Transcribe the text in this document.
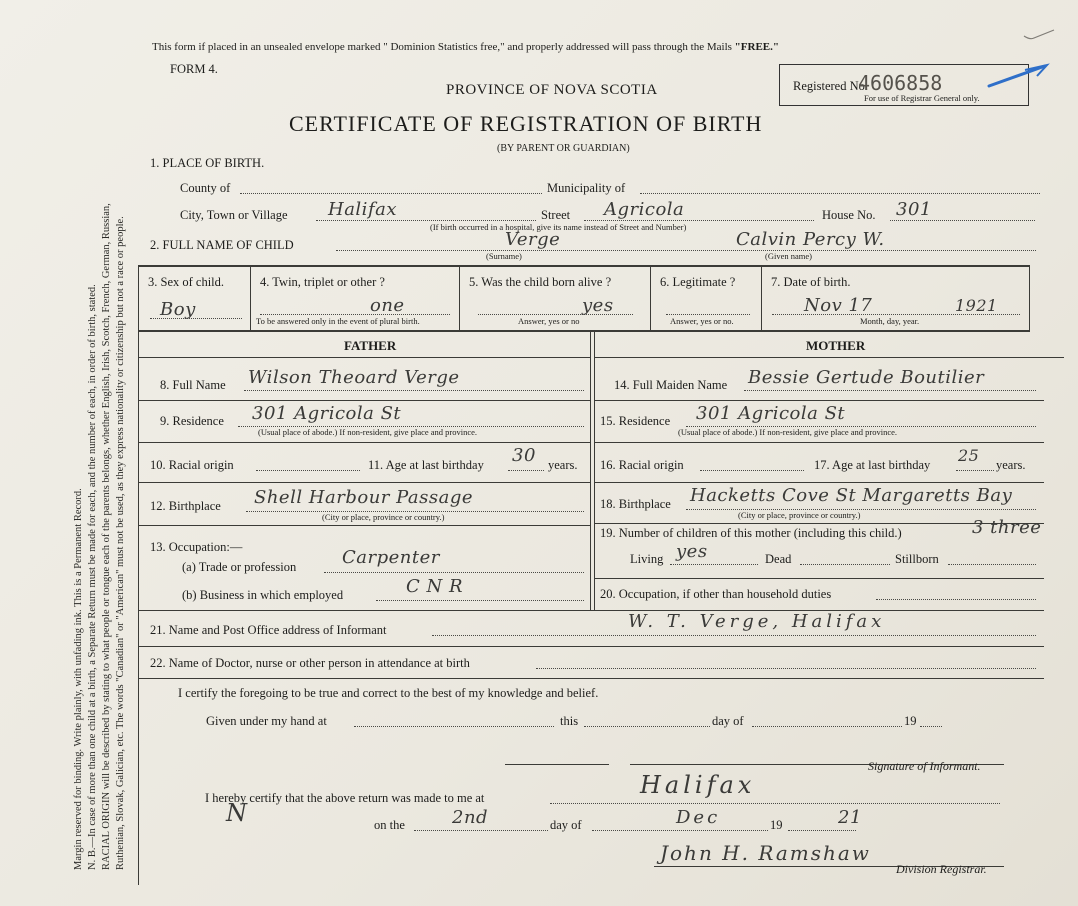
Margin reserved for binding. Write plainly, with unfading ink. This is a Permanent Record. N. B.—In case of more than one child at a birth, a Separate Return must be made for each, and the number of each, in order of birth, stated. RACIAL ORIGIN will be described by stating to what people or tongue each of the parents belongs, whether English, Irish, Scotch, French, German, Russian, Ruthenian, Slovak, Galician, etc. The words "Canadian" or "American" must not be used, as they express nationality or citizenship but not a race or people.
This form if placed in an unsealed envelope marked " Dominion Statistics free," and properly addressed will pass through the Mails "FREE."
FORM 4.
PROVINCE OF NOVA SCOTIA
CERTIFICATE OF REGISTRATION OF BIRTH
(BY PARENT OR GUARDIAN)
Registered No.
4606858
For use of Registrar General only.
1. PLACE OF BIRTH.
County of	Municipality of
City, Town or Village Halifax	Street Agricola
(If birth occurred in a hospital, give its name instead of Street and Number)
House No. 301
2. FULL NAME OF CHILD	Verge
(Surname)
Calvin Percy W.
(Given name)
3. Sex of child.
Boy
4. Twin, triplet or other ?
one
To be answered only in the event of plural birth.
5. Was the child born alive ?
yes
Answer, yes or no
6. Legitimate ?
Answer, yes or no.
7. Date of birth.
Nov 17	1921
Month, day, year.
FATHER	MOTHER
8. Full Name Wilson Theoard Verge
9. Residence 301 Agricola St
(Usual place of abode.) If non-resident, give place and province.
10. Racial origin	11. Age at last birthday 30 years.
12. Birthplace Shell Harbour Passage
(City or place, province or country.)
13. Occupation:—
(a) Trade or profession	Carpenter
(b) Business in which employed	C N R
14. Full Maiden Name Bessie Gertude Boutilier
15. Residence 301 Agricola St
(Usual place of abode.) If non-resident, give place and province.
16. Racial origin	17. Age at last birthday 25 years.
18. Birthplace Hacketts Cove St Margaretts Bay
(City or place, province or country.)
19. Number of children of this mother (including this child.)	3 three
Living yes	Dead	Stillborn
20. Occupation, if other than household duties
21. Name and Post Office address of Informant	W. T. Verge, Halifax
22. Name of Doctor, nurse or other person in attendance at birth
I certify the foregoing to be true and correct to the best of my knowledge and belief.
Given under my hand at	this	day of	19
Signature of Informant.
I hereby certify that the above return was made to me at	Halifax
N	on the	2nd	day of	Dec	19	21
John H. Ramshaw
Division Registrar.
